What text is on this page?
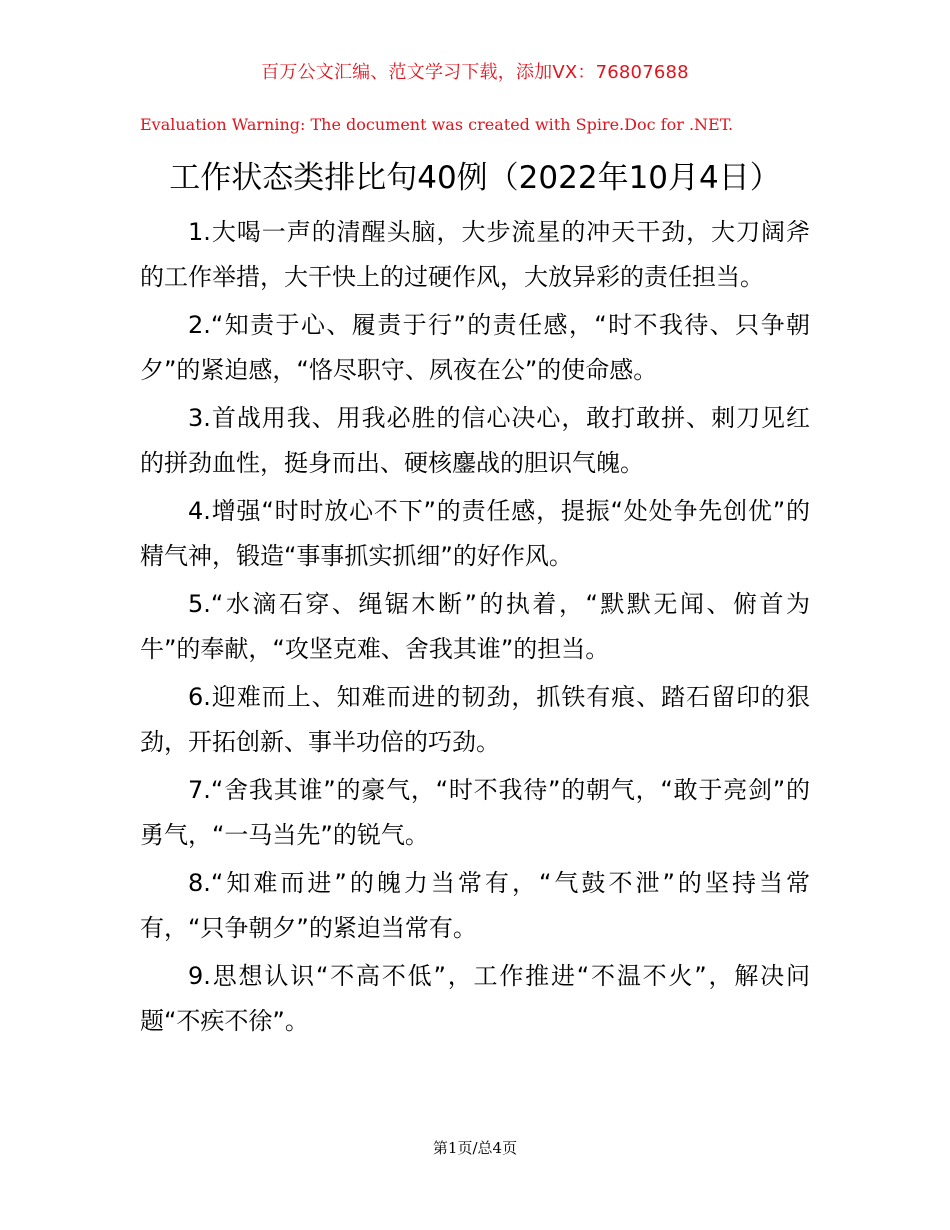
百万公文汇编、范文学习下载，添加VX：76807688
Evaluation Warning: The document was created with Spire.Doc for .NET.
工作状态类排比句40例（2022年10月4日）

1.大喝一声的清醒头脑，大步流星的冲天干劲，大刀阔斧的工作举措，大干快上的过硬作风，大放异彩的责任担当。

2.“知责于心、履责于行”的责任感，“时不我待、只争朝夕”的紧迫感，“恪尽职守、夙夜在公”的使命感。

3.首战用我、用我必胜的信心决心，敢打敢拼、刺刀见红的拼劲血性，挺身而出、硬核鏖战的胆识气魄。

4.增强“时时放心不下”的责任感，提振“处处争先创优”的精气神，锻造“事事抓实抓细”的好作风。

5.“水滴石穿、绳锯木断”的执着，“默默无闻、俯首为牛”的奉献，“攻坚克难、舍我其谁”的担当。

6.迎难而上、知难而进的韧劲，抓铁有痕、踏石留印的狠劲，开拓创新、事半功倍的巧劲。

7.“舍我其谁”的豪气，“时不我待”的朝气，“敢于亮剑”的勇气，“一马当先”的锐气。

8.“知难而进”的魄力当常有，“气鼓不泄”的坚持当常有，“只争朝夕”的紧迫当常有。

9.思想认识“不高不低”，工作推进“不温不火”，解决问题“不疾不徐”。

第1页/总4页
